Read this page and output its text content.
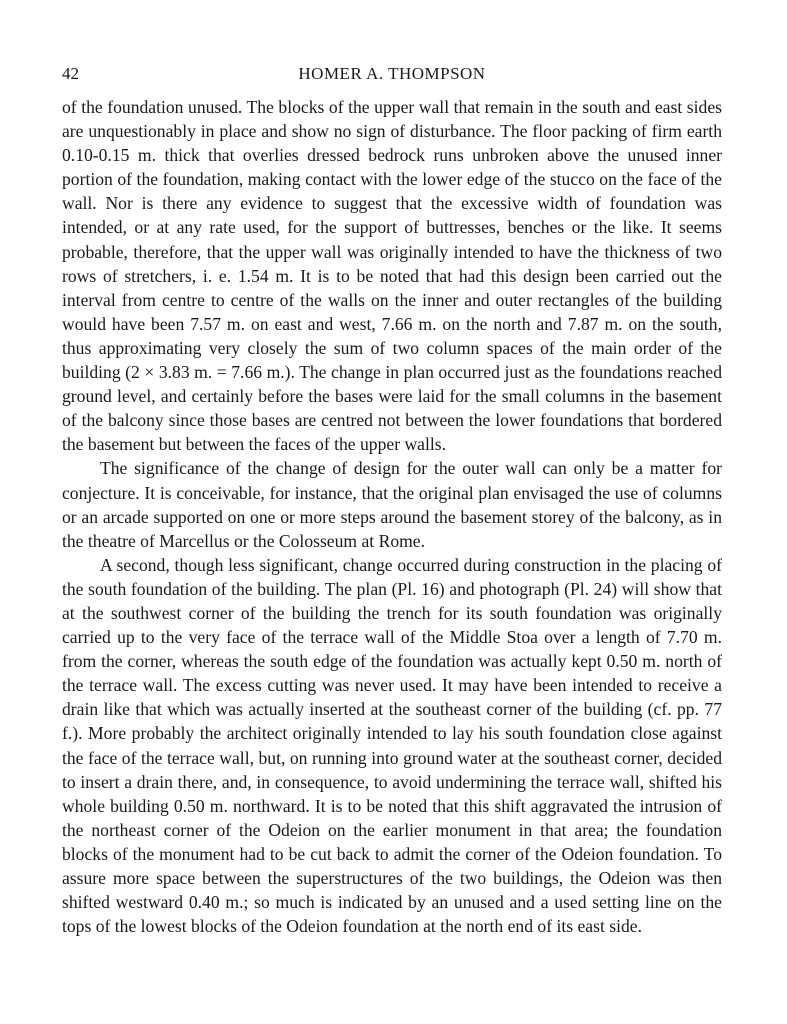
42	HOMER A. THOMPSON

of the foundation unused. The blocks of the upper wall that remain in the south and east sides are unquestionably in place and show no sign of disturbance. The floor packing of firm earth 0.10-0.15 m. thick that overlies dressed bedrock runs unbroken above the unused inner portion of the foundation, making contact with the lower edge of the stucco on the face of the wall. Nor is there any evidence to suggest that the excessive width of foundation was intended, or at any rate used, for the support of buttresses, benches or the like. It seems probable, therefore, that the upper wall was originally intended to have the thickness of two rows of stretchers, i. e. 1.54 m. It is to be noted that had this design been carried out the interval from centre to centre of the walls on the inner and outer rectangles of the building would have been 7.57 m. on east and west, 7.66 m. on the north and 7.87 m. on the south, thus approximating very closely the sum of two column spaces of the main order of the building (2 × 3.83 m. = 7.66 m.). The change in plan occurred just as the foundations reached ground level, and certainly before the bases were laid for the small columns in the basement of the balcony since those bases are centred not between the lower foundations that bordered the basement but between the faces of the upper walls.

The significance of the change of design for the outer wall can only be a matter for conjecture. It is conceivable, for instance, that the original plan envisaged the use of columns or an arcade supported on one or more steps around the basement storey of the balcony, as in the theatre of Marcellus or the Colosseum at Rome.

A second, though less significant, change occurred during construction in the placing of the south foundation of the building. The plan (Pl. 16) and photograph (Pl. 24) will show that at the southwest corner of the building the trench for its south foundation was originally carried up to the very face of the terrace wall of the Middle Stoa over a length of 7.70 m. from the corner, whereas the south edge of the foundation was actually kept 0.50 m. north of the terrace wall. The excess cutting was never used. It may have been intended to receive a drain like that which was actually inserted at the southeast corner of the building (cf. pp. 77 f.). More probably the architect originally intended to lay his south foundation close against the face of the terrace wall, but, on running into ground water at the southeast corner, decided to insert a drain there, and, in consequence, to avoid undermining the terrace wall, shifted his whole building 0.50 m. northward. It is to be noted that this shift aggravated the intrusion of the northeast corner of the Odeion on the earlier monument in that area; the foundation blocks of the monument had to be cut back to admit the corner of the Odeion foundation. To assure more space between the superstructures of the two buildings, the Odeion was then shifted westward 0.40 m.; so much is indicated by an unused and a used setting line on the tops of the lowest blocks of the Odeion foundation at the north end of its east side.
